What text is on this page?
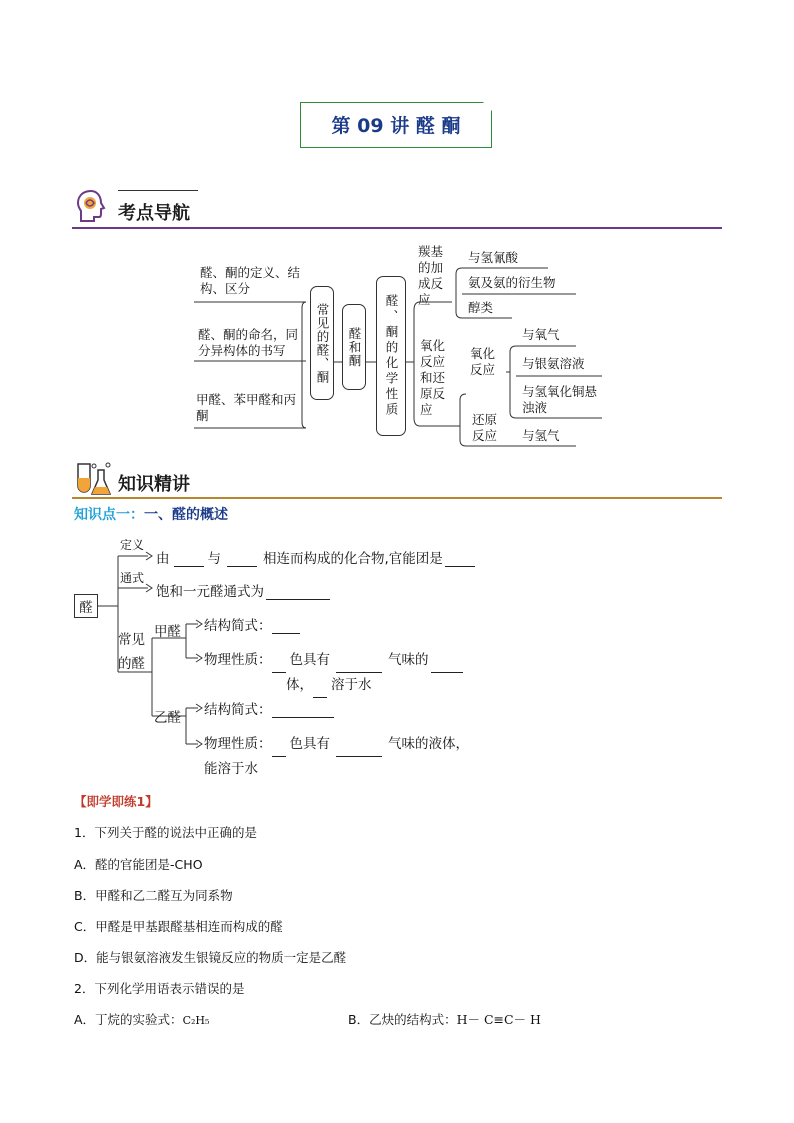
第 09 讲 醛 酮
考点导航
醛、酮的定义、结构、区分
醛、酮的命名，同分异构体的书写
甲醛、苯甲醛和丙酮
常见的醛、酮 醛和酮 醛、酮的化学性质
羰基的加成反应
与氢氰酸
氨及氨的衍生物
醇类
氧化反应和还原反应
氧化反应
与氧气
与银氨溶液
与氢氧化铜悬浊液
还原反应	与氢气
知识精讲
知识点一：一、醛的概述
醛
定义
由	与	相连而构成的化合物,官能团是
通式
饱和一元醛通式为
常见的醛
甲醛 结构简式：
物理性质： 色具有	气味的
体， 溶于水
乙醛 结构简式：
物理性质： 色具有	气味的液体，
能溶于水
【即学即练1】
1．下列关于醛的说法中正确的是
A．醛的官能团是-CHO
B．甲醛和乙二醛互为同系物
C．甲醛是甲基跟醛基相连而构成的醛
D．能与银氨溶液发生银镜反应的物质一定是乙醛
2．下列化学用语表示错误的是
A．丁烷的实验式：C₂H₅	B．乙炔的结构式：H－ C≡C－ H
